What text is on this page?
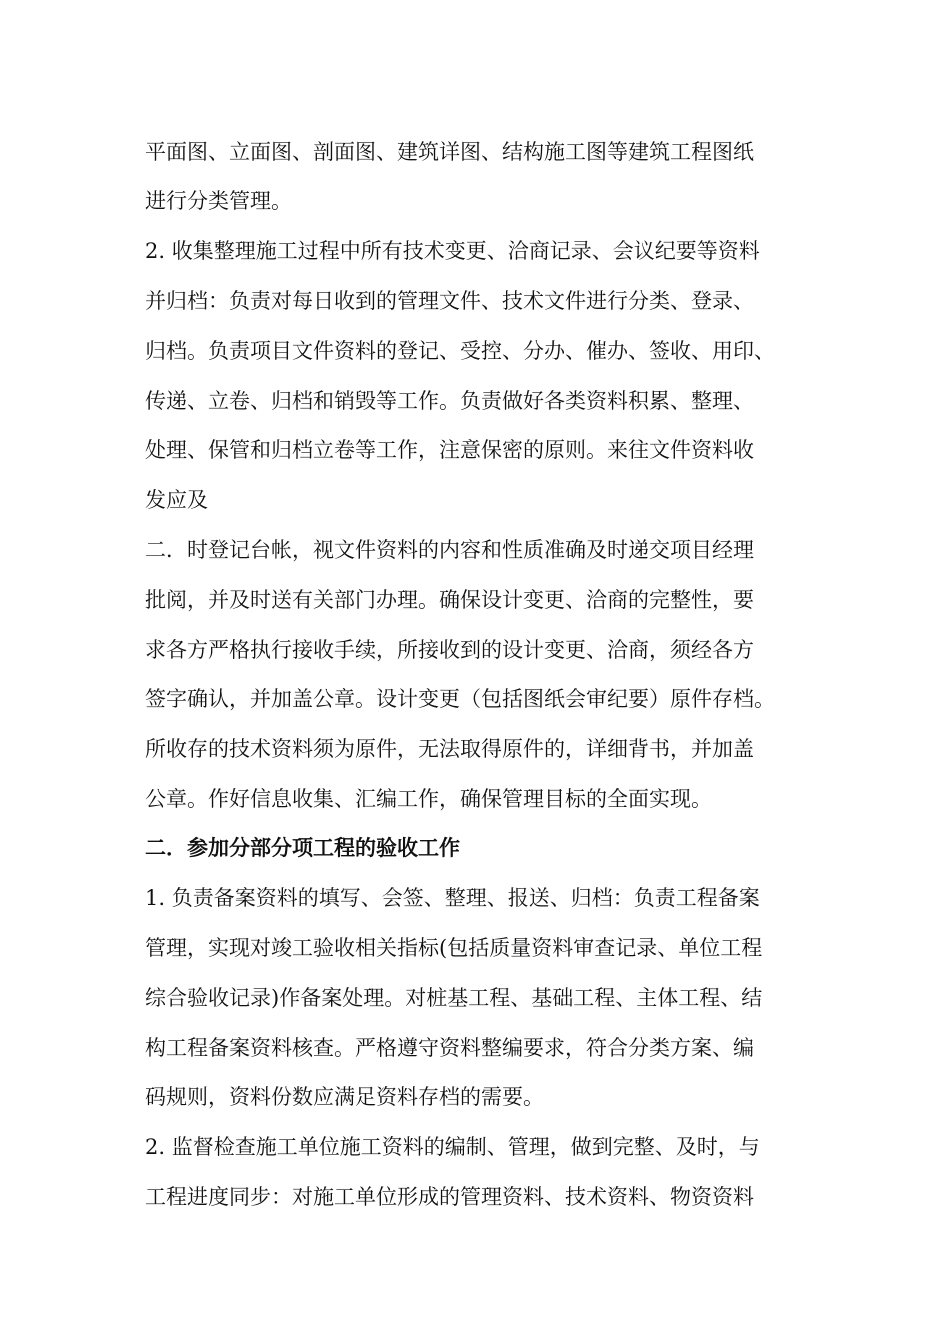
平面图、立面图、剖面图、建筑详图、结构施工图等建筑工程图纸
进行分类管理。
2. 收集整理施工过程中所有技术变更、洽商记录、会议纪要等资料
并归档：负责对每日收到的管理文件、技术文件进行分类、登录、
归档。负责项目文件资料的登记、受控、分办、催办、签收、用印、
传递、立卷、归档和销毁等工作。负责做好各类资料积累、整理、
处理、保管和归档立卷等工作，注意保密的原则。来往文件资料收
发应及
二．时登记台帐，视文件资料的内容和性质准确及时递交项目经理
批阅，并及时送有关部门办理。确保设计变更、洽商的完整性，要
求各方严格执行接收手续，所接收到的设计变更、洽商，须经各方
签字确认，并加盖公章。设计变更（包括图纸会审纪要）原件存档。
所收存的技术资料须为原件，无法取得原件的，详细背书，并加盖
公章。作好信息收集、汇编工作，确保管理目标的全面实现。
二．参加分部分项工程的验收工作
1. 负责备案资料的填写、会签、整理、报送、归档：负责工程备案
管理，实现对竣工验收相关指标(包括质量资料审查记录、单位工程
综合验收记录)作备案处理。对桩基工程、基础工程、主体工程、结
构工程备案资料核查。严格遵守资料整编要求，符合分类方案、编
码规则，资料份数应满足资料存档的需要。
2. 监督检查施工单位施工资料的编制、管理，做到完整、及时，与
工程进度同步：对施工单位形成的管理资料、技术资料、物资资料
